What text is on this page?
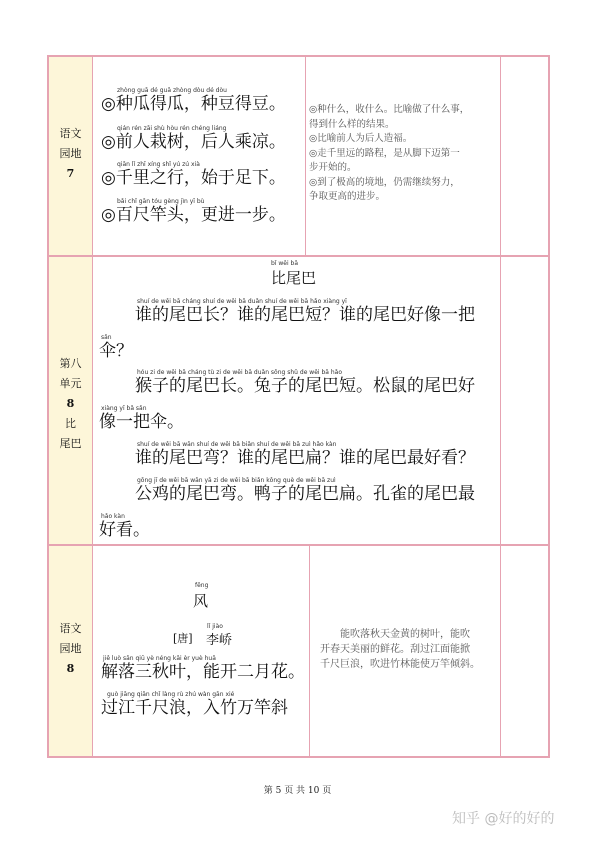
语文
园地
7
zhòng guā dé guā zhòng dòu dé dòu
◎种瓜得瓜，种豆得豆。
qián rén zāi shù hòu rén chéng liáng
◎前人栽树，后人乘凉。
qiān lǐ zhī xíng shǐ yú zú xià
◎千里之行，始于足下。
bǎi chǐ gān tóu gèng jìn yī bù
◎百尺竿头，更进一步。
◎种什么，收什么。比喻做了什么事，
得到什么样的结果。
◎比喻前人为后人造福。
◎走千里远的路程，是从脚下迈第一
步开始的。
◎到了极高的境地，仍需继续努力，
争取更高的进步。
第八
单元
8
比
尾巴
bǐ wěi bā
比尾巴
shuí de wěi bā cháng shuí de wěi bā duǎn shuí de wěi bā hǎo xiàng yī
谁的尾巴长？谁的尾巴短？谁的尾巴好像一把
sǎn
伞？
hóu zi de wěi bā cháng tù zi de wěi bā duǎn sōng shǔ de wěi bā hǎo
猴子的尾巴长。兔子的尾巴短。松鼠的尾巴好
xiàng yī bǎ sǎn
像一把伞。
shuí de wěi bā wān shuí de wěi bā biǎn shuí de wěi bā zuì hǎo kàn
谁的尾巴弯？谁的尾巴扁？谁的尾巴最好看？
gōng jī de wěi bā wān yā zi de wěi bā biǎn kǒng què de wěi bā zuì
公鸡的尾巴弯。鸭子的尾巴扁。孔雀的尾巴最
hǎo kàn
好看。
语文
园地
8
fēng
风
lǐ jiào
[唐] 李峤
jiě luò sān qiū yè néng kāi èr yuè huā
解落三秋叶，能开二月花。
guò jiāng qiān chǐ làng rù zhú wàn gān xié
过江千尺浪，入竹万竿斜
能吹落秋天金黄的树叶，能吹
开春天美丽的鲜花。刮过江面能掀
千尺巨浪，吹进竹林能使万竿倾斜。
第 5 页 共 10 页
知乎 @好的好的
